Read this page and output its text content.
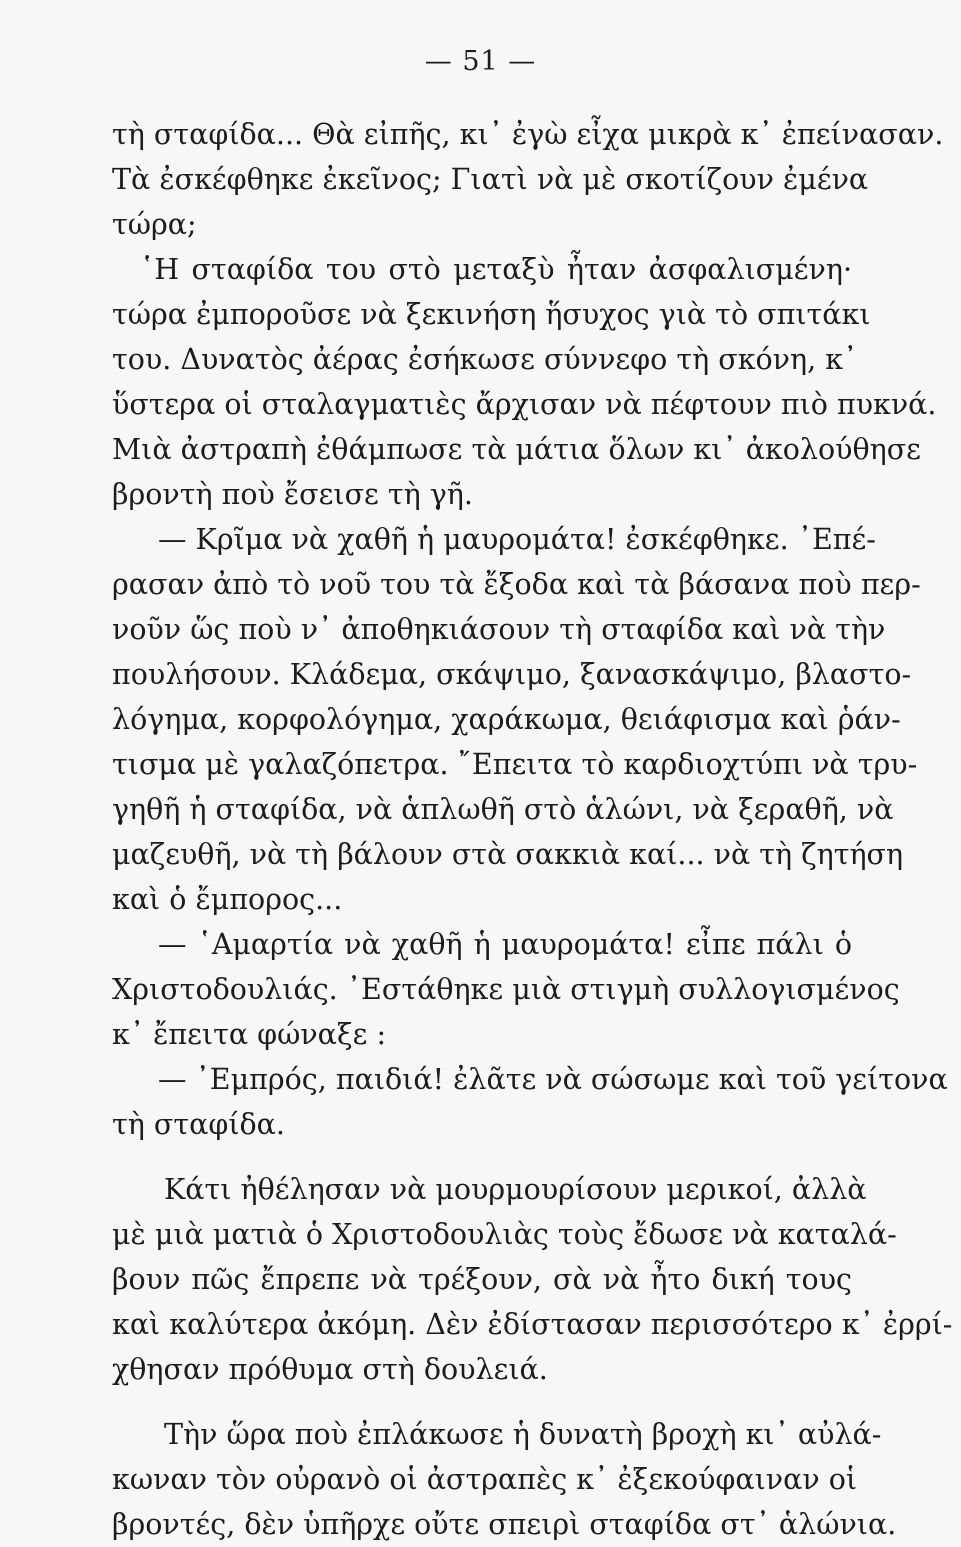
— 51 —
τὴ σταφίδα... Θὰ εἰπῆς, κι᾽ ἐγὼ εἶχα μικρὰ κ᾽ ἐπείνασαν.
Τὰ ἐσκέφθηκε ἐκεῖνος; Γιατὶ νὰ μὲ σκοτίζουν ἐμένα
τώρα;
῾Η σταφίδα του στὸ μεταξὺ ἦταν ἀσφαλισμένη·
τώρα ἐμποροῦσε νὰ ξεκινήση ἥσυχος γιὰ τὸ σπιτάκι
του. Δυνατὸς ἀέρας ἐσήκωσε σύννεφο τὴ σκόνη, κ᾽
ὕστερα οἱ σταλαγματιὲς ἄρχισαν νὰ πέφτουν πιὸ πυκνά.
Μιὰ ἀστραπὴ ἐθάμπωσε τὰ μάτια ὅλων κι᾽ ἀκολούθησε
βροντὴ ποὺ ἔσεισε τὴ γῆ.
— Κρῖμα νὰ χαθῆ ἡ μαυρομάτα! ἐσκέφθηκε. ᾿Επέ-
ρασαν ἀπὸ τὸ νοῦ του τὰ ἔξοδα καὶ τὰ βάσανα ποὺ περ-
νοῦν ὥς ποὺ ν᾽ ἀποθηκιάσουν τὴ σταφίδα καὶ νὰ τὴν
πουλήσουν. Κλάδεμα, σκάψιμο, ξανασκάψιμο, βλαστο-
λόγημα, κορφολόγημα, χαράκωμα, θειάφισμα καὶ ῥάν-
τισμα μὲ γαλαζόπετρα. ῎Επειτα τὸ καρδιοχτύπι νὰ τρυ-
γηθῆ ἡ σταφίδα, νὰ ἁπλωθῆ στὸ ἁλώνι, νὰ ξεραθῆ, νὰ
μαζευθῆ, νὰ τὴ βάλουν στὰ σακκιὰ καί... νὰ τὴ ζητήση
καὶ ὁ ἔμπορος...
— ῾Αμαρτία νὰ χαθῆ ἡ μαυρομάτα! εἶπε πάλι ὁ
Χριστοδουλιάς. ᾿Εστάθηκε μιὰ στιγμὴ συλλογισμένος
κ᾽ ἔπειτα φώναξε :
— ᾿Εμπρός, παιδιά! ἐλᾶτε νὰ σώσωμε καὶ τοῦ γείτονα
τὴ σταφίδα.
Κάτι ἠθέλησαν νὰ μουρμουρίσουν μερικοί, ἀλλὰ
μὲ μιὰ ματιὰ ὁ Χριστοδουλιὰς τοὺς ἔδωσε νὰ καταλά-
βουν πῶς ἔπρεπε νὰ τρέξουν, σὰ νὰ ἦτο δική τους
καὶ καλύτερα ἀκόμη. Δὲν ἐδίστασαν περισσότερο κ᾽ ἐρρί-
χθησαν πρόθυμα στὴ δουλειά.
Τὴν ὥρα ποὺ ἐπλάκωσε ἡ δυνατὴ βροχὴ κι᾽ αὐλά-
κωναν τὸν οὐρανὸ οἱ ἀστραπὲς κ᾽ ἐξεκούφαιναν οἱ
βροντές, δὲν ὑπῆρχε οὔτε σπειρὶ σταφίδα στ᾽ ἁλώνια.
